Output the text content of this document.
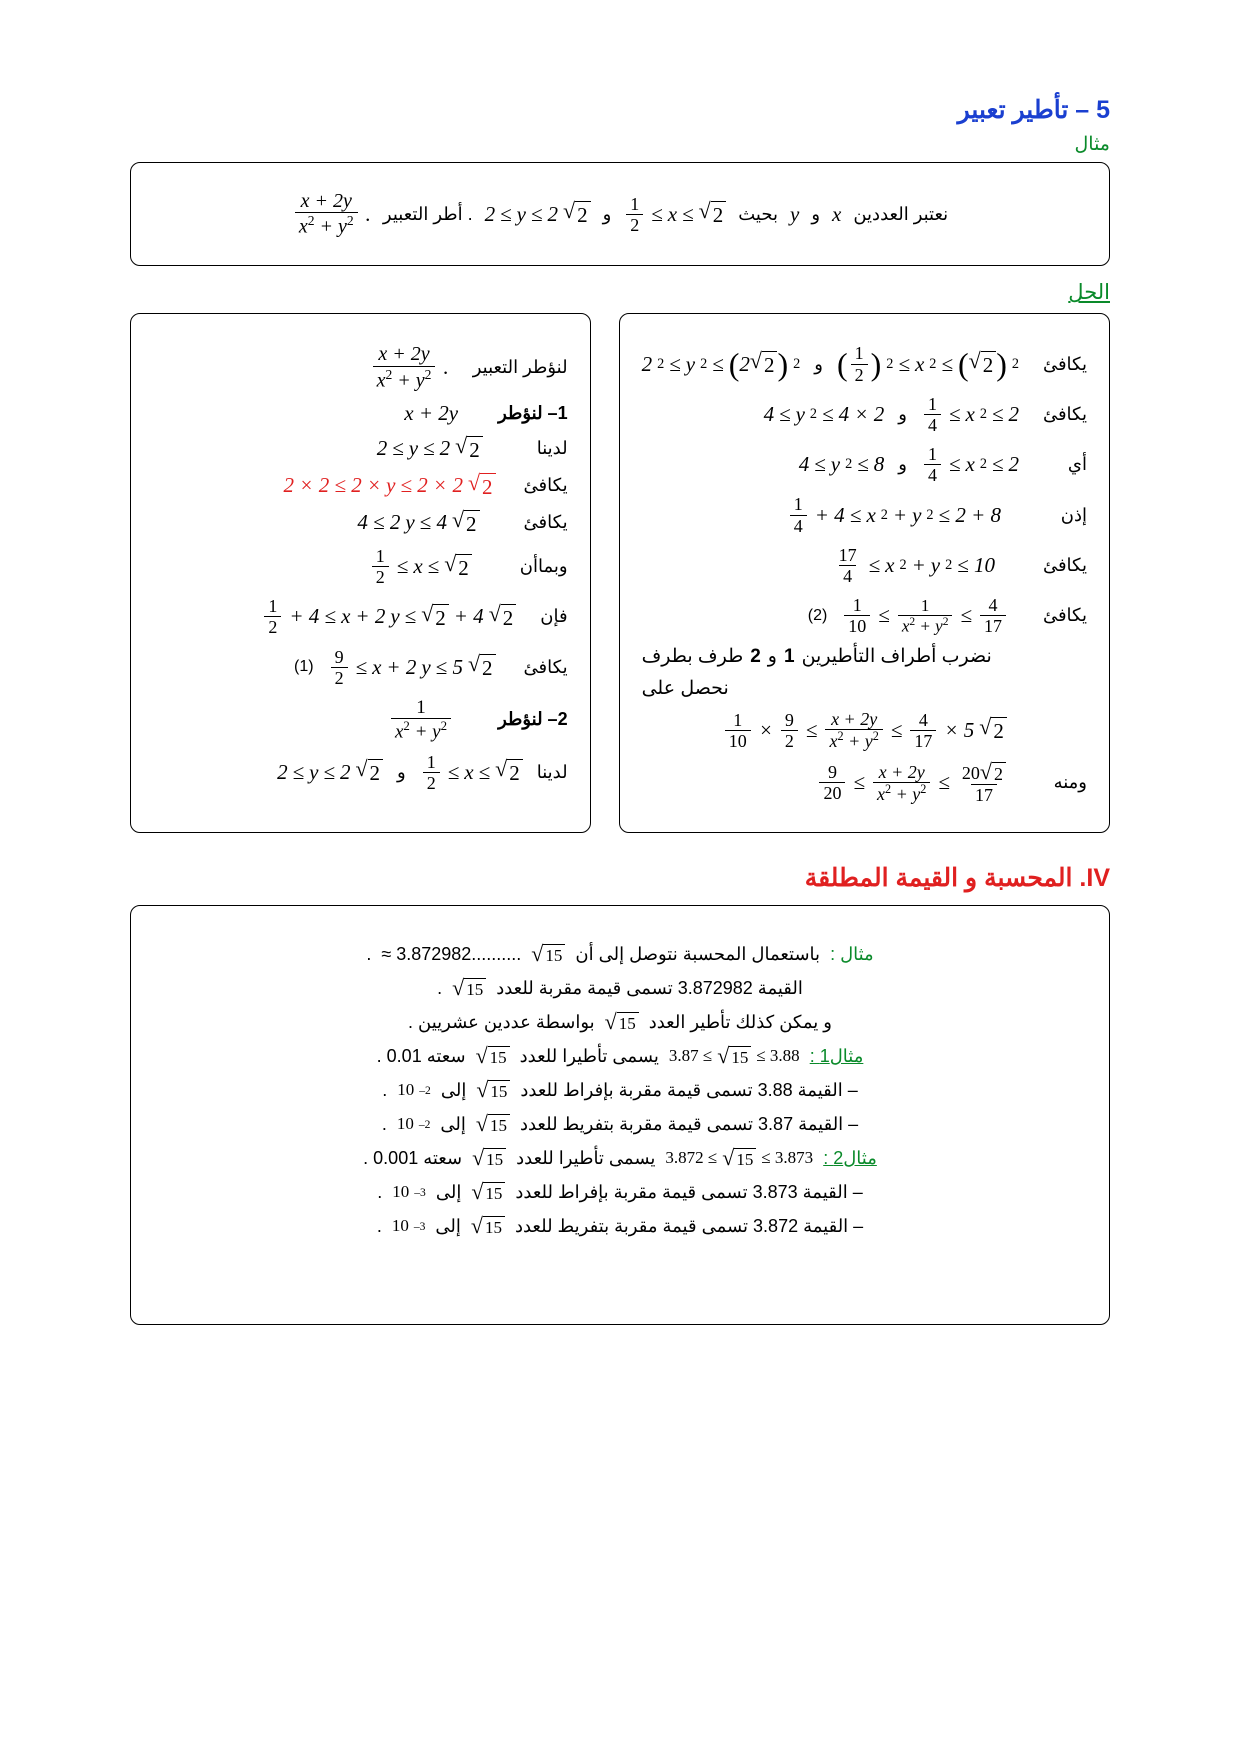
5 – تأطير تعبير
مثال
نعتبر العددين
x
و
y
بحيث
$\frac{1}{2} \le x$ ≤ √ 2
و
2 ≤ y ≤ 2 √ 2
. أطر التعبير
$\frac{x + 2y}{x^2 + y^2}$ .
الحل
يكافئ
( $\frac{1}{2}$ ) 2 ≤ x 2 ≤ ( √ 2 ) 2
و
2 2 ≤ y 2 ≤ ( 2 √ 2 ) 2
يكافئ
$\frac{1}{4} \le x$ 2 ≤ 2
و
4 ≤ y 2 ≤ 4 × 2
أي
$\frac{1}{4} \le x$ 2 ≤ 2
و
4 ≤ y 2 ≤ 8
إذن
$\frac{1}{4} + 4 \le x$ 2 + y 2 ≤ 2 + 8
يكافئ
$\frac{17}{4} \le x$ 2 + y 2 ≤ 10
يكافئ
$\frac{1}{10} \le \frac{1}{x^2 + y^2} \le \frac{4}{17}$
(2)
نضرب أطراف التأطيرين
1
و
2
طرف بطرف
نحصل على
$\frac{1}{10} \times \frac{9}{2} \le \frac{x + 2y}{x^2 + y^2} \le \frac{4}{17} \times 5$ √ 2
ومنه
$\frac{9}{20} \le \frac{x + 2y}{x^2 + y^2} \le \frac{20 √ 2}{17}$
لنؤطر التعبير
$\frac{x + 2y}{x^2 + y^2}$ .
1– لنؤطر
x + 2y
لدينا
2 ≤ y ≤ 2 √ 2
يكافئ
2 × 2 ≤ 2 × y ≤ 2 × 2 √ 2
يكافئ
4 ≤ 2 y ≤ 4 √ 2
وبماأن
$\frac{1}{2} \le x$ ≤ √ 2
فإن
$\frac{1}{2} + 4 \le x + 2$ y ≤ √ 2 + 4 √ 2
يكافئ
$\frac{9}{2} \le x + 2$ y ≤ 5 √ 2
(1)
2– لنؤطر
$\frac{1}{x^2 + y^2}$
لدينا
$\frac{1}{2} \le x$ ≤ √ 2
و
2 ≤ y ≤ 2 √ 2
IV. المحسبة و القيمة المطلقة
مثال :
باستعمال المحسبة نتوصل إلى أن
√ 15
≈ 3.872982..........
.
القيمة 3.872982 تسمى قيمة مقربة للعدد
√ 15
.
و يمكن كذلك تأطير العدد
√ 15
بواسطة عددين عشريين .
مثال1 :
3.87 ≤ √ 15 ≤ 3.88
يسمى تأطيرا للعدد
√ 15
سعته 0.01 .
– القيمة 3.88 تسمى قيمة مقربة بإفراط للعدد
√ 15
إلى
10 –2
.
– القيمة 3.87 تسمى قيمة مقربة بتفريط للعدد
√ 15
إلى
10 –2
.
مثال2 :
3.872 ≤ √ 15 ≤ 3.873
يسمى تأطيرا للعدد
√ 15
سعته 0.001 .
– القيمة 3.873 تسمى قيمة مقربة بإفراط للعدد
√ 15
إلى
10 –3
.
– القيمة 3.872 تسمى قيمة مقربة بتفريط للعدد
√ 15
إلى
10 –3
.
